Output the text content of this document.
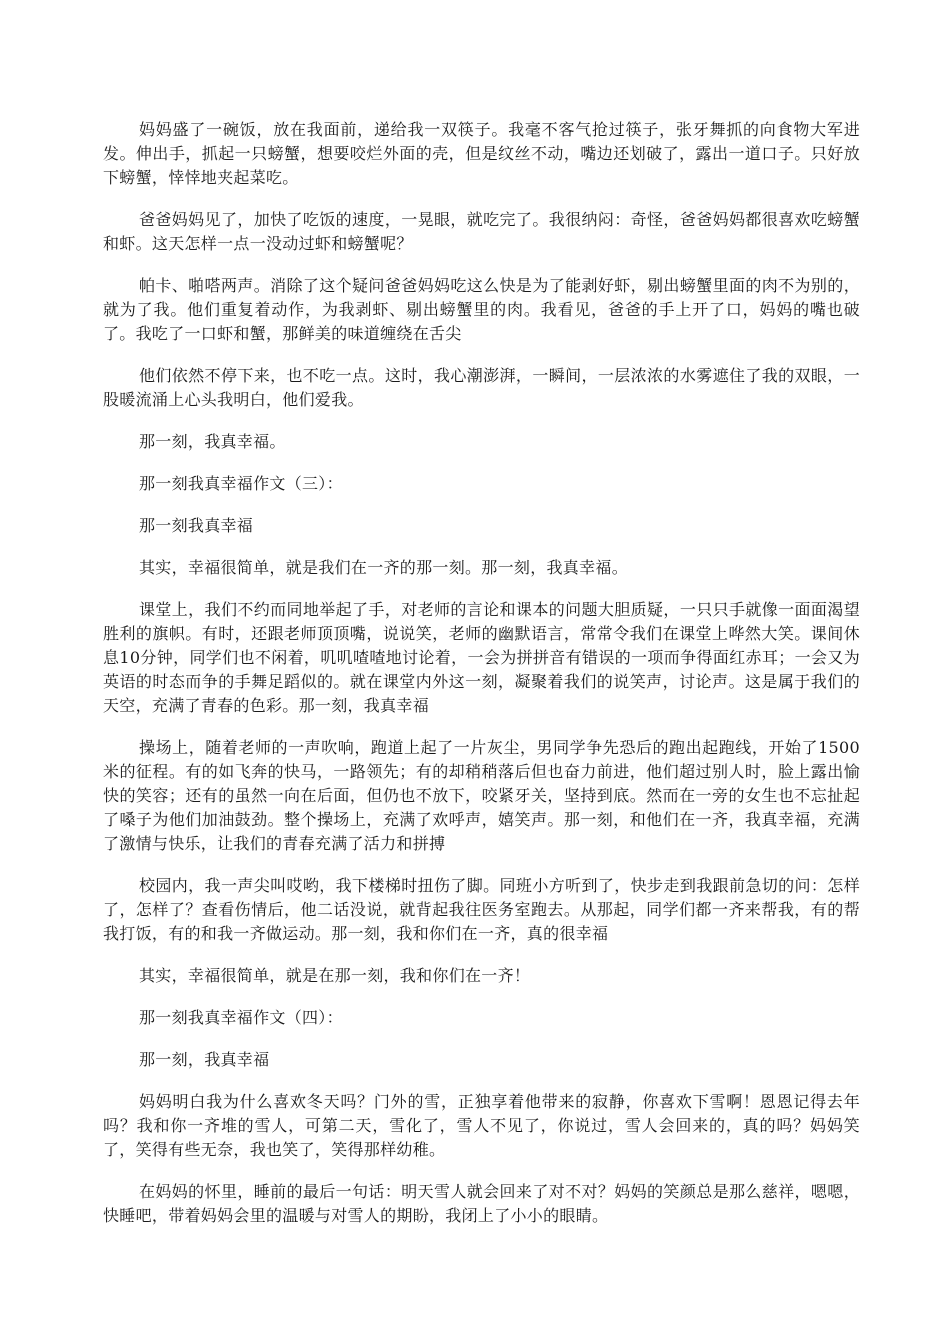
妈妈盛了一碗饭，放在我面前，递给我一双筷子。我毫不客气抢过筷子，张牙舞抓的向食物大军进发。伸出手，抓起一只螃蟹，想要咬烂外面的壳，但是纹丝不动，嘴边还划破了，露出一道口子。只好放下螃蟹，悻悻地夹起菜吃。

爸爸妈妈见了，加快了吃饭的速度，一晃眼，就吃完了。我很纳闷：奇怪，爸爸妈妈都很喜欢吃螃蟹和虾。这天怎样一点一没动过虾和螃蟹呢？

帕卡、啪嗒两声。消除了这个疑问爸爸妈妈吃这么快是为了能剥好虾，剔出螃蟹里面的肉不为别的，就为了我。他们重复着动作，为我剥虾、剔出螃蟹里的肉。我看见，爸爸的手上开了口，妈妈的嘴也破了。我吃了一口虾和蟹，那鲜美的味道缠绕在舌尖

他们依然不停下来，也不吃一点。这时，我心潮澎湃，一瞬间，一层浓浓的水雾遮住了我的双眼，一股暖流涌上心头我明白，他们爱我。

那一刻，我真幸福。

那一刻我真幸福作文（三）：

那一刻我真幸福

其实，幸福很简单，就是我们在一齐的那一刻。那一刻，我真幸福。

课堂上，我们不约而同地举起了手，对老师的言论和课本的问题大胆质疑，一只只手就像一面面渴望胜利的旗帜。有时，还跟老师顶顶嘴，说说笑，老师的幽默语言，常常令我们在课堂上哗然大笑。课间休息10分钟，同学们也不闲着，叽叽喳喳地讨论着，一会为拼拼音有错误的一项而争得面红赤耳；一会又为英语的时态而争的手舞足蹈似的。就在课堂内外这一刻，凝聚着我们的说笑声，讨论声。这是属于我们的天空，充满了青春的色彩。那一刻，我真幸福

操场上，随着老师的一声吹响，跑道上起了一片灰尘，男同学争先恐后的跑出起跑线，开始了1500米的征程。有的如飞奔的快马，一路领先；有的却稍稍落后但也奋力前进，他们超过别人时，脸上露出愉快的笑容；还有的虽然一向在后面，但仍也不放下，咬紧牙关，坚持到底。然而在一旁的女生也不忘扯起了嗓子为他们加油鼓劲。整个操场上，充满了欢呼声，嬉笑声。那一刻，和他们在一齐，我真幸福，充满了激情与快乐，让我们的青春充满了活力和拼搏

校园内，我一声尖叫哎哟，我下楼梯时扭伤了脚。同班小方听到了，快步走到我跟前急切的问：怎样了，怎样了？查看伤情后，他二话没说，就背起我往医务室跑去。从那起，同学们都一齐来帮我，有的帮我打饭，有的和我一齐做运动。那一刻，我和你们在一齐，真的很幸福

其实，幸福很简单，就是在那一刻，我和你们在一齐！

那一刻我真幸福作文（四）：

那一刻，我真幸福

妈妈明白我为什么喜欢冬天吗？门外的雪，正独享着他带来的寂静，你喜欢下雪啊！恩恩记得去年吗？我和你一齐堆的雪人，可第二天，雪化了，雪人不见了，你说过，雪人会回来的，真的吗？妈妈笑了，笑得有些无奈，我也笑了，笑得那样幼稚。

在妈妈的怀里，睡前的最后一句话：明天雪人就会回来了对不对？妈妈的笑颜总是那么慈祥，嗯嗯，快睡吧，带着妈妈会里的温暖与对雪人的期盼，我闭上了小小的眼睛。
